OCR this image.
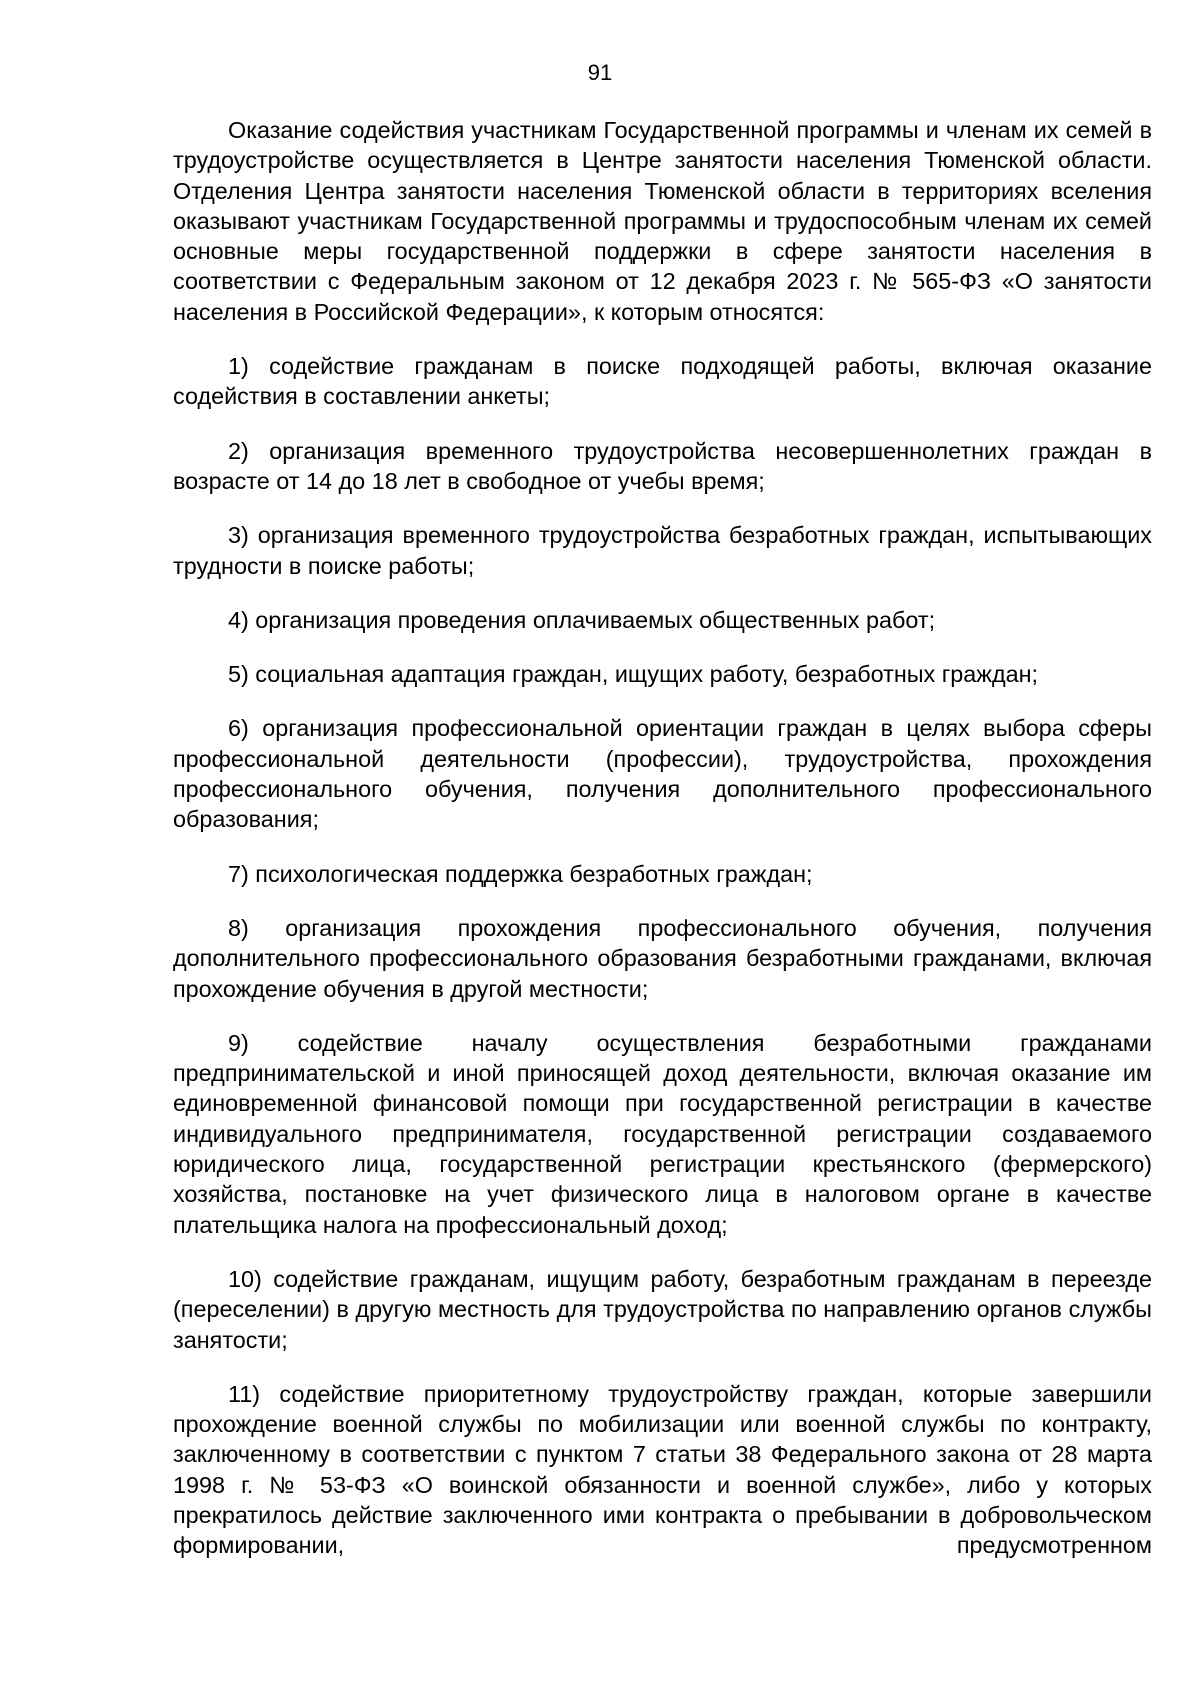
91

Оказание содействия участникам Государственной программы и членам их семей в трудоустройстве осуществляется в Центре занятости населения Тюменской области. Отделения Центра занятости населения Тюменской области в территориях вселения оказывают участникам Государственной программы и трудоспособным членам их семей основные меры государственной поддержки в сфере занятости населения в соответствии с Федеральным законом от 12 декабря 2023 г. № 565-ФЗ «О занятости населения в Российской Федерации», к которым относятся:

1) содействие гражданам в поиске подходящей работы, включая оказание содействия в составлении анкеты;

2) организация временного трудоустройства несовершеннолетних граждан в возрасте от 14 до 18 лет в свободное от учебы время;

3) организация временного трудоустройства безработных граждан, испытывающих трудности в поиске работы;

4) организация проведения оплачиваемых общественных работ;

5) социальная адаптация граждан, ищущих работу, безработных граждан;

6) организация профессиональной ориентации граждан в целях выбора сферы профессиональной деятельности (профессии), трудоустройства, прохождения профессионального обучения, получения дополнительного профессионального образования;

7) психологическая поддержка безработных граждан;

8) организация прохождения профессионального обучения, получения дополнительного профессионального образования безработными гражданами, включая прохождение обучения в другой местности;

9) содействие началу осуществления безработными гражданами предпринимательской и иной приносящей доход деятельности, включая оказание им единовременной финансовой помощи при государственной регистрации в качестве индивидуального предпринимателя, государственной регистрации создаваемого юридического лица, государственной регистрации крестьянского (фермерского) хозяйства, постановке на учет физического лица в налоговом органе в качестве плательщика налога на профессиональный доход;

10) содействие гражданам, ищущим работу, безработным гражданам в переезде (переселении) в другую местность для трудоустройства по направлению органов службы занятости;

11) содействие приоритетному трудоустройству граждан, которые завершили прохождение военной службы по мобилизации или военной службы по контракту, заключенному в соответствии с пунктом 7 статьи 38 Федерального закона от 28 марта 1998 г. № 53-ФЗ «О воинской обязанности и военной службе», либо у которых прекратилось действие заключенного ими контракта о пребывании в добровольческом формировании, предусмотренном
